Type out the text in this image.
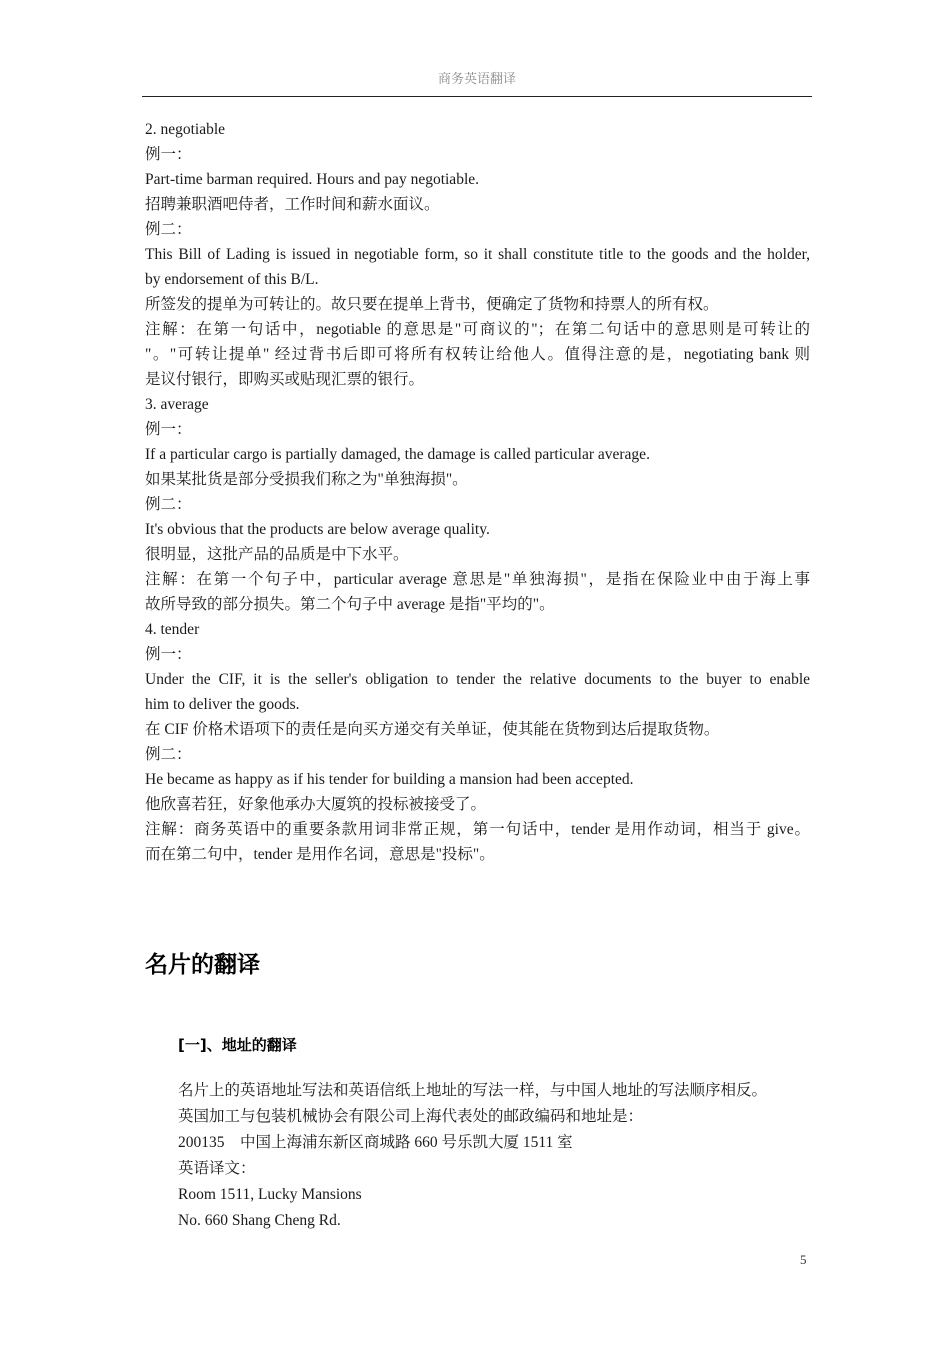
商务英语翻译
2. negotiable
例一：
Part-time barman required. Hours and pay negotiable.
招聘兼职酒吧侍者，工作时间和薪水面议。
例二：
This Bill of Lading is issued in negotiable form, so it shall constitute title to the goods and the holder,
by endorsement of this B/L.
所签发的提单为可转让的。故只要在提单上背书，便确定了货物和持票人的所有权。
注解：在第一句话中，negotiable 的意思是"可商议的"；在第二句话中的意思则是可转让的
"。"可转让提单" 经过背书后即可将所有权转让给他人。值得注意的是，negotiating bank 则
是议付银行，即购买或贴现汇票的银行。
3. average
例一：
If a particular cargo is partially damaged, the damage is called particular average.
如果某批货是部分受损我们称之为"单独海损"。
例二：
It's obvious that the products are below average quality.
很明显，这批产品的品质是中下水平。
注解：在第一个句子中，particular average 意思是"单独海损"，是指在保险业中由于海上事
故所导致的部分损失。第二个句子中 average 是指"平均的"。
4. tender
例一：
Under the CIF, it is the seller's obligation to tender the relative documents to the buyer to enable
him to deliver the goods.
在 CIF 价格术语项下的责任是向买方递交有关单证，使其能在货物到达后提取货物。
例二：
He became as happy as if his tender for building a mansion had been accepted.
他欣喜若狂，好象他承办大厦筑的投标被接受了。
注解：商务英语中的重要条款用词非常正规，第一句话中，tender 是用作动词，相当于 give。
而在第二句中，tender 是用作名词，意思是"投标"。
名片的翻译
[一]、地址的翻译
名片上的英语地址写法和英语信纸上地址的写法一样，与中国人地址的写法顺序相反。
英国加工与包装机械协会有限公司上海代表处的邮政编码和地址是：
200135　中国上海浦东新区商城路 660 号乐凯大厦 1511 室
英语译文：
Room 1511, Lucky Mansions
No. 660 Shang Cheng Rd.
5
